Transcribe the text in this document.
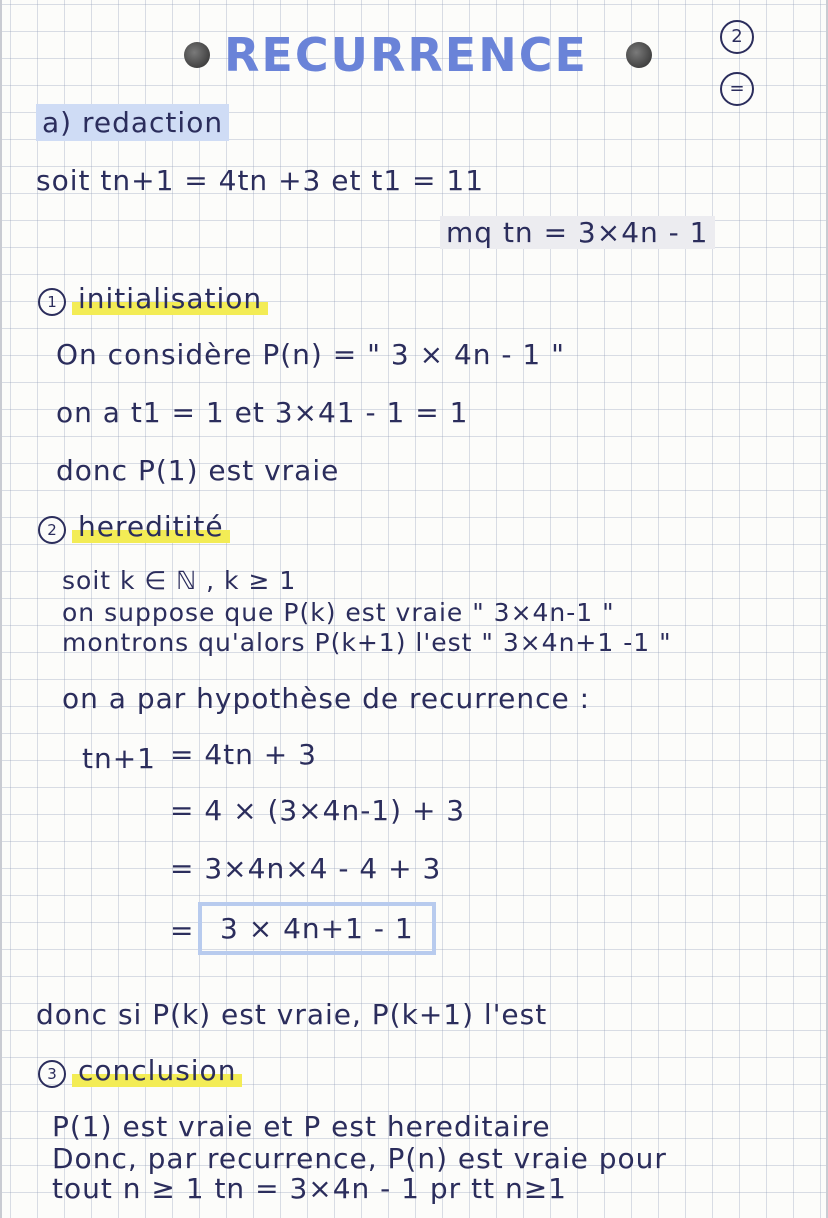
RECURRENCE	2
=
a) redaction
soit tn+1 = 4tn +3 et t1 = 11
mq tn = 3×4n - 1
1 initialisation
On considère P(n) = " 3 × 4n - 1 "
on a t1 = 1 et 3×41 - 1 = 1
donc P(1) est vraie
2 hereditité
soit k ∈ ℕ , k ≥ 1
on suppose que P(k) est vraie " 3×4n-1 "
montrons qu'alors P(k+1) l'est " 3×4n+1 -1 "
on a par hypothèse de recurrence :
tn+1 = 4tn + 3
= 4 × (3×4n-1) + 3
= 3×4n×4 - 4 + 3
= 3 × 4n+1 - 1
donc si P(k) est vraie, P(k+1) l'est
3 conclusion
P(1) est vraie et P est hereditaire
Donc, par recurrence, P(n) est vraie pour
tout n ≥ 1 tn = 3×4n - 1 pr tt n≥1
